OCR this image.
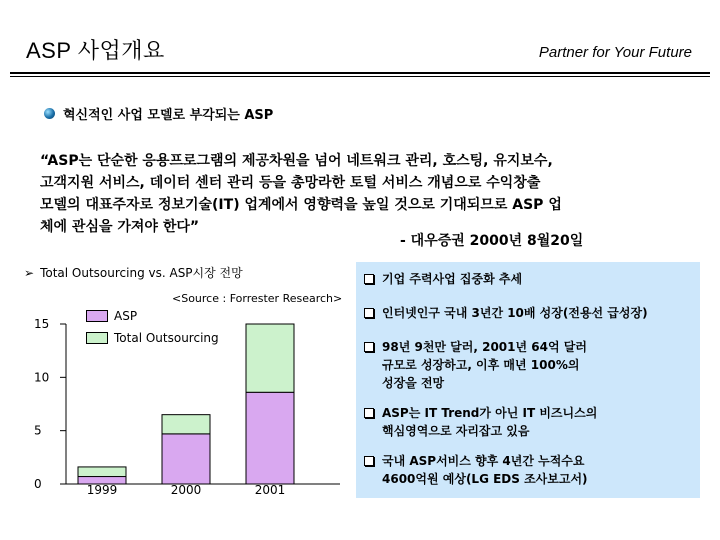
ASP 사업개요	Partner for Your Future
혁신적인 사업 모델로 부각되는 ASP
“ASP는 단순한 응용프로그램의 제공차원을 넘어 네트워크 관리, 호스팅, 유지보수,
고객지원 서비스, 데이터 센터 관리 등을 총망라한 토털 서비스 개념으로 수익창출
모델의 대표주자로 정보기술(IT) 업계에서 영향력을 높일 것으로 기대되므로 ASP 업
체에 관심을 가져야 한다”
- 대우증권 2000년 8월20일
➢ Total Outsourcing vs. ASP시장 전망
<Source : Forrester Research>
0
5
10
15
1999	2000	2001
ASP
Total Outsourcing
기업 주력사업 집중화 추세
인터넷인구 국내 3년간 10배 성장(전용선 급성장)
98년 9천만 달러, 2001년 64억 달러
규모로 성장하고, 이후 매년 100%의
성장을 전망
ASP는 IT Trend가 아닌 IT 비즈니스의
핵심영역으로 자리잡고 있음
국내 ASP서비스 향후 4년간 누적수요
4600억원 예상(LG EDS 조사보고서)
